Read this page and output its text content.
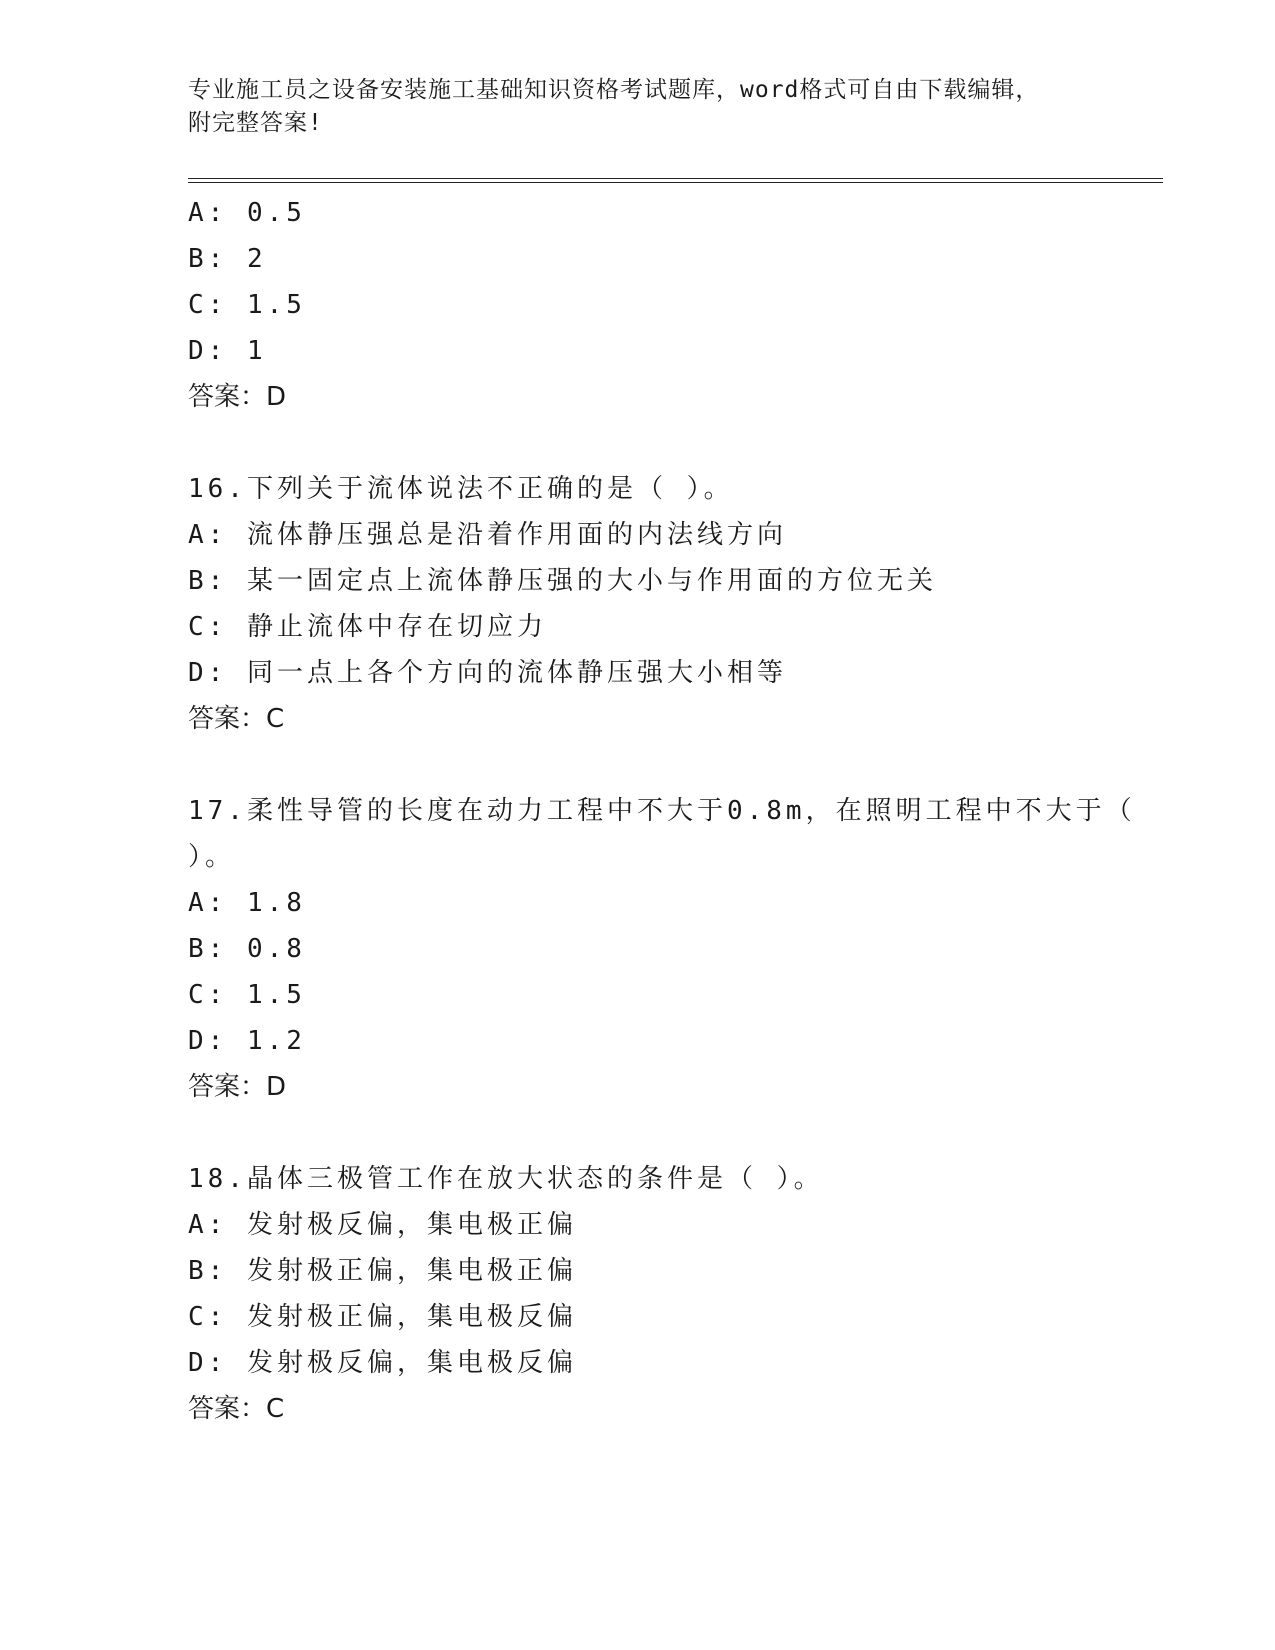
专业施工员之设备安装施工基础知识资格考试题库，word格式可自由下载编辑，
附完整答案!
A: 0.5
B: 2
C: 1.5
D: 1
答案：D
16.下列关于流体说法不正确的是（ ）。
A: 流体静压强总是沿着作用面的内法线方向
B: 某一固定点上流体静压强的大小与作用面的方位无关
C: 静止流体中存在切应力
D: 同一点上各个方向的流体静压强大小相等
答案：C
17.柔性导管的长度在动力工程中不大于0.8m，在照明工程中不大于（
）。
A: 1.8
B: 0.8
C: 1.5
D: 1.2
答案：D
18.晶体三极管工作在放大状态的条件是（ ）。
A: 发射极反偏，集电极正偏
B: 发射极正偏，集电极正偏
C: 发射极正偏，集电极反偏
D: 发射极反偏，集电极反偏
答案：C
